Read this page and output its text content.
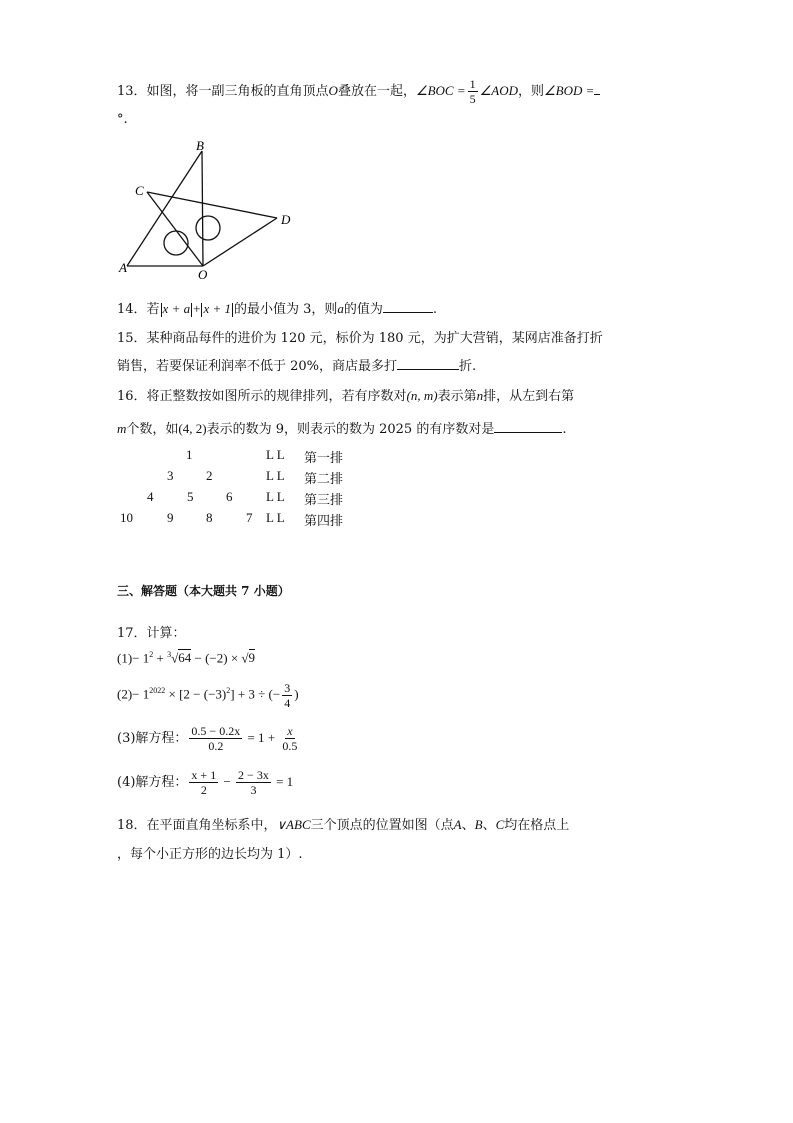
13．如图，将一副三角板的直角顶点O叠放在一起，∠BOC = $\frac{1}{5}$ ∠AOD，则∠BOD =
°.
B
C
D
A	O
14．若 x + a + x + 1 的最小值为 3，则a的值为	.
15．某种商品每件的进价为 120 元，标价为 180 元，为扩大营销，某网店准备打折
销售，若要保证利润率不低于 20%，商店最多打	折.
16．将正整数按如图所示的规律排列，若有序数对(n, m)表示第n排，从左到右第
m个数，如(4, 2)表示的数为 9，则表示的数为 2025 的有序数对是	.
1	L L 第一排
3	2	L L 第二排
4	5	6	L L 第三排
10	9	8	7 L L 第四排
三、解答题（本大题共 7 小题）
17．计算：
$(1)- 1^2 + ^3√64 - (-2) \times √9$
$(2)- 1^{2022} \times [2 - (-3)^2] + 3$ ÷ (− $\frac{3}{4}$ )
(3)解方程： $\frac{0.5 - 0.2x}{0.2} = 1 + \frac{x}{0.5}$
(4)解方程： $\frac{x + 1}{2} - \frac{2 - 3x}{3} = 1$
18．在平面直角坐标系中，∨ABC三个顶点的位置如图（点A、B、C均在格点上
，每个小正方形的边长均为 1）.
